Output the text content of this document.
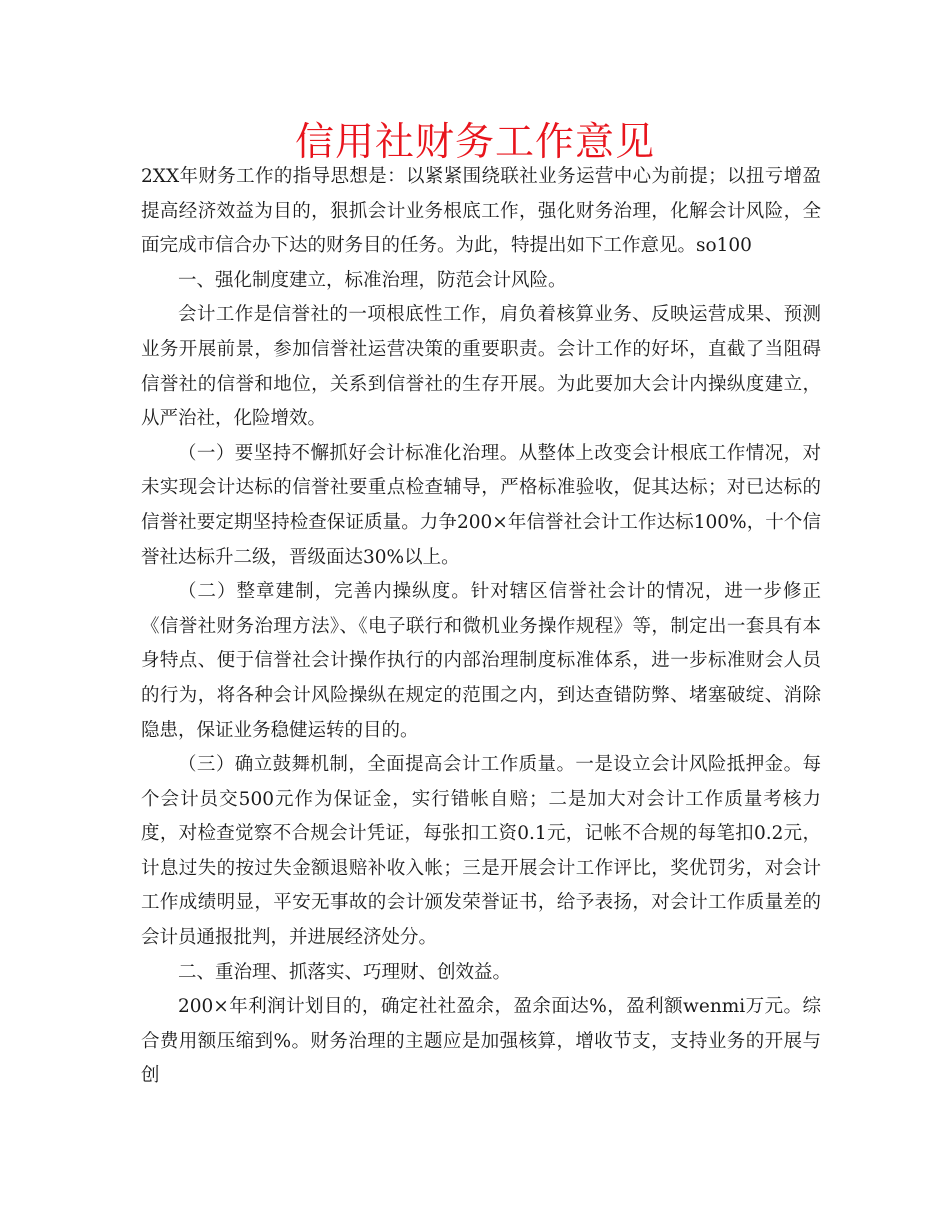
信用社财务工作意见

2XX年财务工作的指导思想是：以紧紧围绕联社业务运营中心为前提；以扭亏增盈提高经济效益为目的，狠抓会计业务根底工作，强化财务治理，化解会计风险，全面完成市信合办下达的财务目的任务。为此，特提出如下工作意见。so100

一、强化制度建立，标准治理，防范会计风险。

会计工作是信誉社的一项根底性工作，肩负着核算业务、反映运营成果、预测业务开展前景，参加信誉社运营决策的重要职责。会计工作的好坏，直截了当阻碍信誉社的信誉和地位，关系到信誉社的生存开展。为此要加大会计内操纵度建立，从严治社，化险增效。

（一）要坚持不懈抓好会计标准化治理。从整体上改变会计根底工作情况，对未实现会计达标的信誉社要重点检查辅导，严格标准验收，促其达标；对已达标的信誉社要定期坚持检查保证质量。力争200×年信誉社会计工作达标100%，十个信誉社达标升二级，晋级面达30%以上。

（二）整章建制，完善内操纵度。针对辖区信誉社会计的情况，进一步修正《信誉社财务治理方法》、《电子联行和微机业务操作规程》等，制定出一套具有本身特点、便于信誉社会计操作执行的内部治理制度标准体系，进一步标准财会人员的行为，将各种会计风险操纵在规定的范围之内，到达查错防弊、堵塞破绽、消除隐患，保证业务稳健运转的目的。

（三）确立鼓舞机制，全面提高会计工作质量。一是设立会计风险抵押金。每个会计员交500元作为保证金，实行错帐自赔；二是加大对会计工作质量考核力度，对检查觉察不合规会计凭证，每张扣工资0.1元，记帐不合规的每笔扣0.2元，计息过失的按过失金额退赔补收入帐；三是开展会计工作评比，奖优罚劣，对会计工作成绩明显，平安无事故的会计颁发荣誉证书，给予表扬，对会计工作质量差的会计员通报批判，并进展经济处分。

二、重治理、抓落实、巧理财、创效益。

200×年利润计划目的，确定社社盈余，盈余面达%，盈利额wenmi万元。综合费用额压缩到%。财务治理的主题应是加强核算，增收节支，支持业务的开展与创
